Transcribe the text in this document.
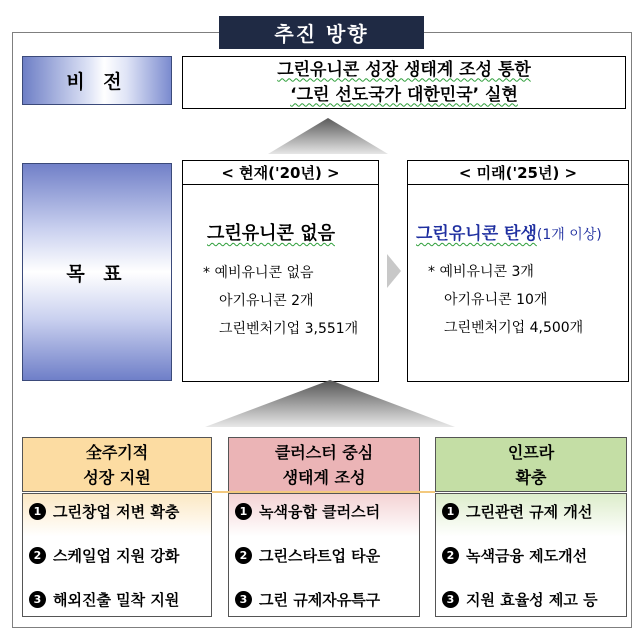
추진 방향
비 전
그린유니콘 성장 생태계 조성 통한
‘그린 선도국가 대한민국’ 실현
목 표
< 현재('20년) >
그린유니콘 없음
* 예비유니콘 없음
아기유니콘 2개
그린벤처기업 3,551개
< 미래('25년) >
그린유니콘 탄생(1개 이상)
* 예비유니콘 3개
아기유니콘 10개
그린벤처기업 4,500개
全주기적
성장 지원
클러스터 중심
생태계 조성
인프라
확충
1 그린창업 저변 확충
2 스케일업 지원 강화
3 해외진출 밀착 지원
1 녹색융합 클러스터
2 그린스타트업 타운
3 그린 규제자유특구
1 그린관련 규제 개선
2 녹색금융 제도개선
3 지원 효율성 제고 등
